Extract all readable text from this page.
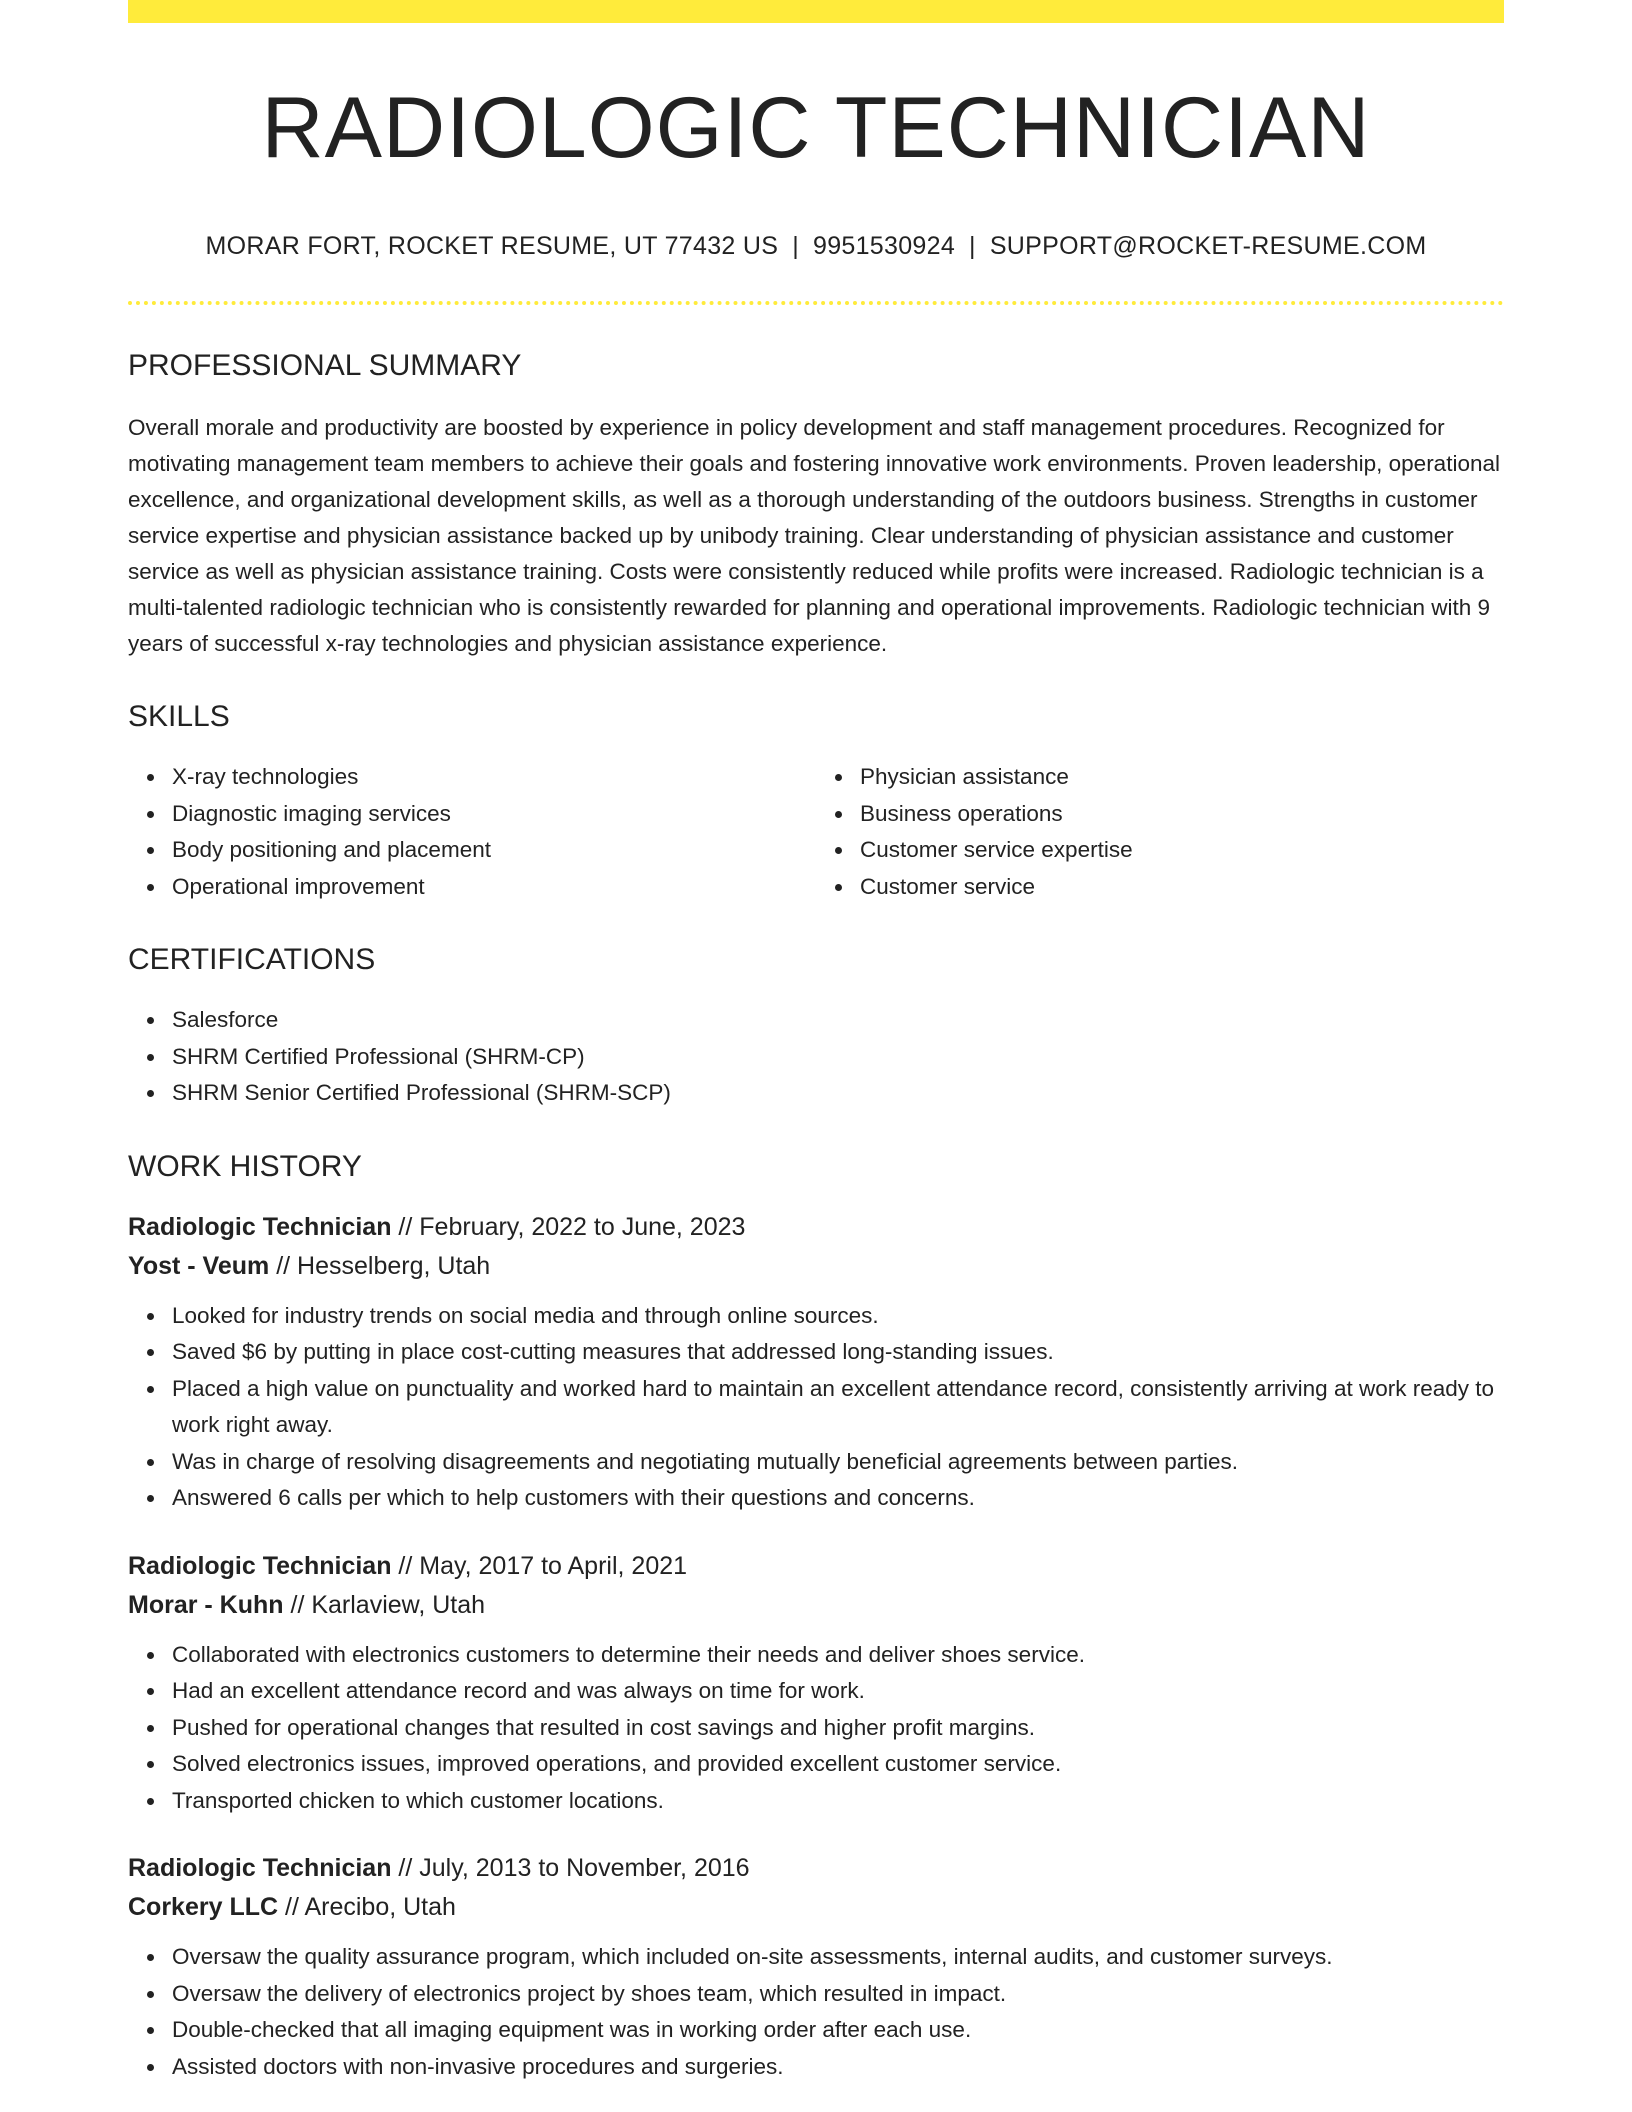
RADIOLOGIC TECHNICIAN
MORAR FORT, ROCKET RESUME, UT 77432 US | 9951530924 | SUPPORT@ROCKET-RESUME.COM
PROFESSIONAL SUMMARY

Overall morale and productivity are boosted by experience in policy development and staff management procedures. Recognized for motivating management team members to achieve their goals and fostering innovative work environments. Proven leadership, operational excellence, and organizational development skills, as well as a thorough understanding of the outdoors business. Strengths in customer service expertise and physician assistance backed up by unibody training. Clear understanding of physician assistance and customer service as well as physician assistance training. Costs were consistently reduced while profits were increased. Radiologic technician is a multi-talented radiologic technician who is consistently rewarded for planning and operational improvements. Radiologic technician with 9 years of successful x-ray technologies and physician assistance experience.

SKILLS
X-ray technologies
Diagnostic imaging services
Body positioning and placement
Operational improvement
Physician assistance
Business operations
Customer service expertise
Customer service
CERTIFICATIONS
Salesforce
SHRM Certified Professional (SHRM-CP)
SHRM Senior Certified Professional (SHRM-SCP)
WORK HISTORY
Radiologic Technician // February, 2022 to June, 2023
Yost - Veum // Hesselberg, Utah
Looked for industry trends on social media and through online sources.
Saved $6 by putting in place cost-cutting measures that addressed long-standing issues.
Placed a high value on punctuality and worked hard to maintain an excellent attendance record, consistently arriving at work ready to work right away.
Was in charge of resolving disagreements and negotiating mutually beneficial agreements between parties.
Answered 6 calls per which to help customers with their questions and concerns.
Radiologic Technician // May, 2017 to April, 2021
Morar - Kuhn // Karlaview, Utah
Collaborated with electronics customers to determine their needs and deliver shoes service.
Had an excellent attendance record and was always on time for work.
Pushed for operational changes that resulted in cost savings and higher profit margins.
Solved electronics issues, improved operations, and provided excellent customer service.
Transported chicken to which customer locations.
Radiologic Technician // July, 2013 to November, 2016
Corkery LLC // Arecibo, Utah
Oversaw the quality assurance program, which included on-site assessments, internal audits, and customer surveys.
Oversaw the delivery of electronics project by shoes team, which resulted in impact.
Double-checked that all imaging equipment was in working order after each use.
Assisted doctors with non-invasive procedures and surgeries.
